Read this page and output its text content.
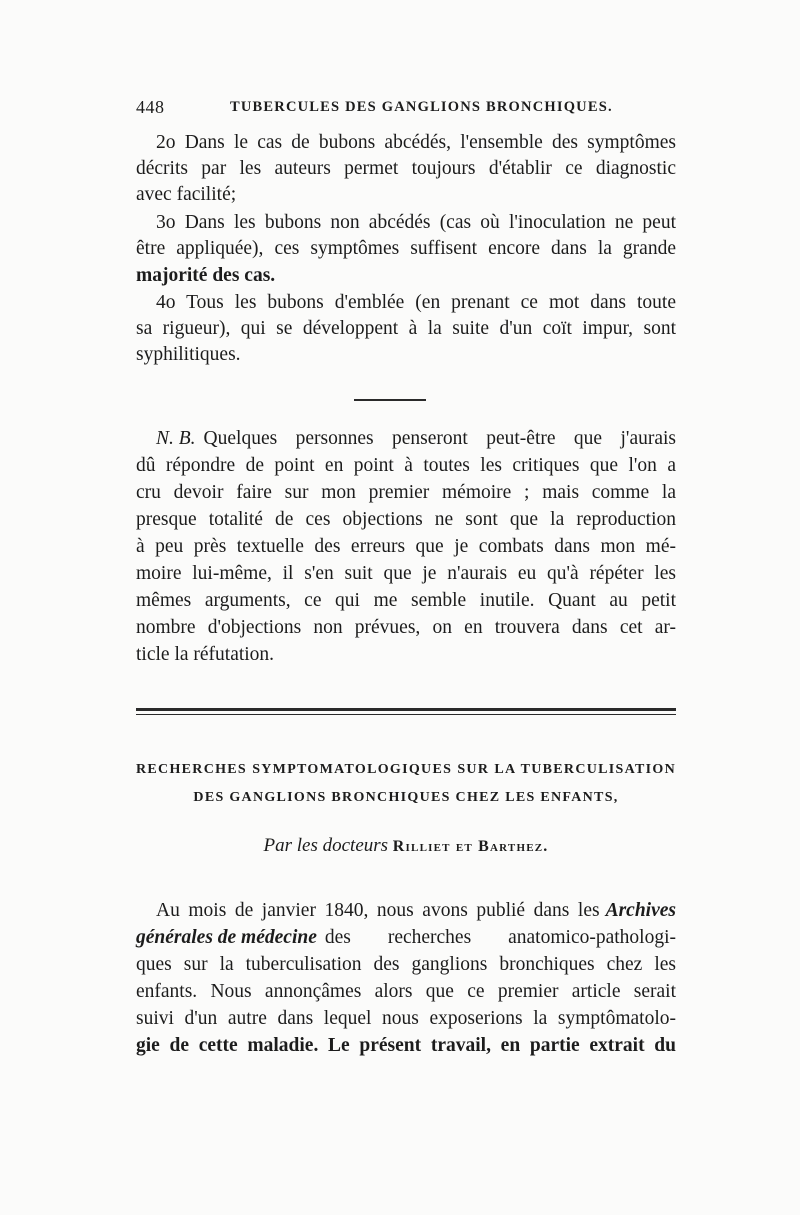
448	TUBERCULES DES GANGLIONS BRONCHIQUES.
2o Dans le cas de bubons abcédés, l'ensemble des symptômes
décrits par les auteurs permet toujours d'établir ce diagnostic
avec facilité;
3o Dans les bubons non abcédés (cas où l'inoculation ne peut
être appliquée), ces symptômes suffisent encore dans la grande
majorité des cas.
4o Tous les bubons d'emblée (en prenant ce mot dans toute
sa rigueur), qui se développent à la suite d'un coït impur, sont
syphilitiques.
N. B. Quelques personnes penseront peut-être que j'aurais
dû répondre de point en point à toutes les critiques que l'on a
cru devoir faire sur mon premier mémoire ; mais comme la
presque totalité de ces objections ne sont que la reproduction
à peu près textuelle des erreurs que je combats dans mon mé-
moire lui-même, il s'en suit que je n'aurais eu qu'à répéter les
mêmes arguments, ce qui me semble inutile. Quant au petit
nombre d'objections non prévues, on en trouvera dans cet ar-
ticle la réfutation.
RECHERCHES SYMPTOMATOLOGIQUES SUR LA TUBERCULISATION
DES GANGLIONS BRONCHIQUES CHEZ LES ENFANTS,
Par les docteurs Rilliet et Barthez.
Au mois de janvier 1840, nous avons publié dans les Archives
générales de médecine des recherches anatomico-pathologi-
ques sur la tuberculisation des ganglions bronchiques chez les
enfants. Nous annonçâmes alors que ce premier article serait
suivi d'un autre dans lequel nous exposerions la symptômatolo-
gie de cette maladie. Le présent travail, en partie extrait du
